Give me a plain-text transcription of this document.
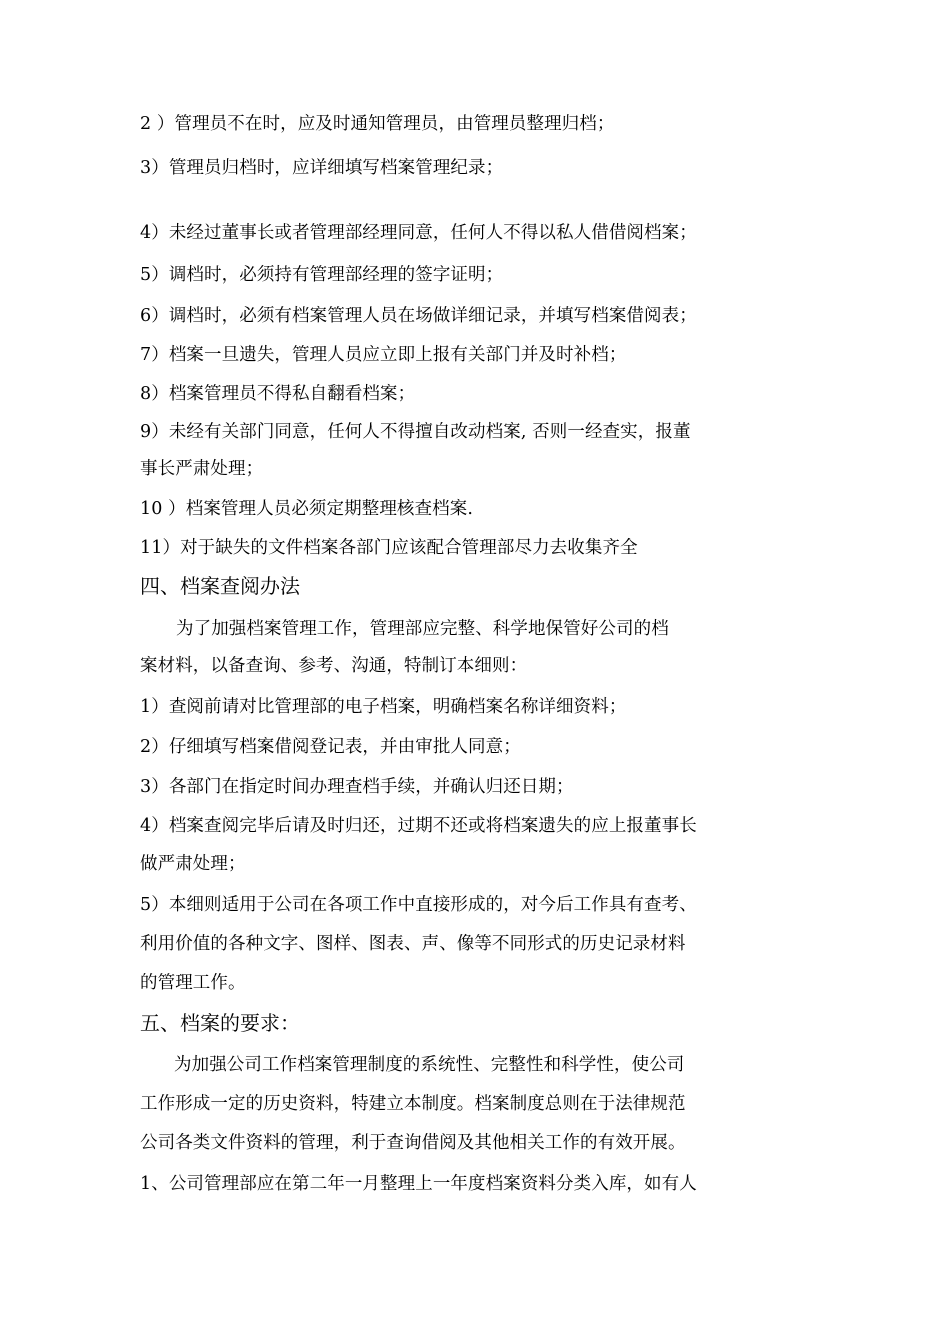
2 ）管理员不在时，应及时通知管理员，由管理员整理归档；
3）管理员归档时，应详细填写档案管理纪录；
4）未经过董事长或者管理部经理同意，任何人不得以私人借借阅档案；
5）调档时，必须持有管理部经理的签字证明；
6）调档时，必须有档案管理人员在场做详细记录，并填写档案借阅表；
7）档案一旦遗失，管理人员应立即上报有关部门并及时补档；
8）档案管理员不得私自翻看档案；
9）未经有关部门同意，任何人不得擅自改动档案, 否则一经查实，报董
事长严肃处理；
10 ）档案管理人员必须定期整理核查档案.
11）对于缺失的文件档案各部门应该配合管理部尽力去收集齐全
四、档案查阅办法
为了加强档案管理工作，管理部应完整、科学地保管好公司的档
案材料，以备查询、参考、沟通，特制订本细则：
1）查阅前请对比管理部的电子档案，明确档案名称详细资料；
2）仔细填写档案借阅登记表，并由审批人同意；
3）各部门在指定时间办理查档手续，并确认归还日期；
4）档案查阅完毕后请及时归还，过期不还或将档案遗失的应上报董事长
做严肃处理；
5）本细则适用于公司在各项工作中直接形成的，对今后工作具有查考、
利用价值的各种文字、图样、图表、声、像等不同形式的历史记录材料
的管理工作。
五、档案的要求：
为加强公司工作档案管理制度的系统性、完整性和科学性，使公司
工作形成一定的历史资料，特建立本制度。档案制度总则在于法律规范
公司各类文件资料的管理，利于查询借阅及其他相关工作的有效开展。
1、公司管理部应在第二年一月整理上一年度档案资料分类入库，如有人
